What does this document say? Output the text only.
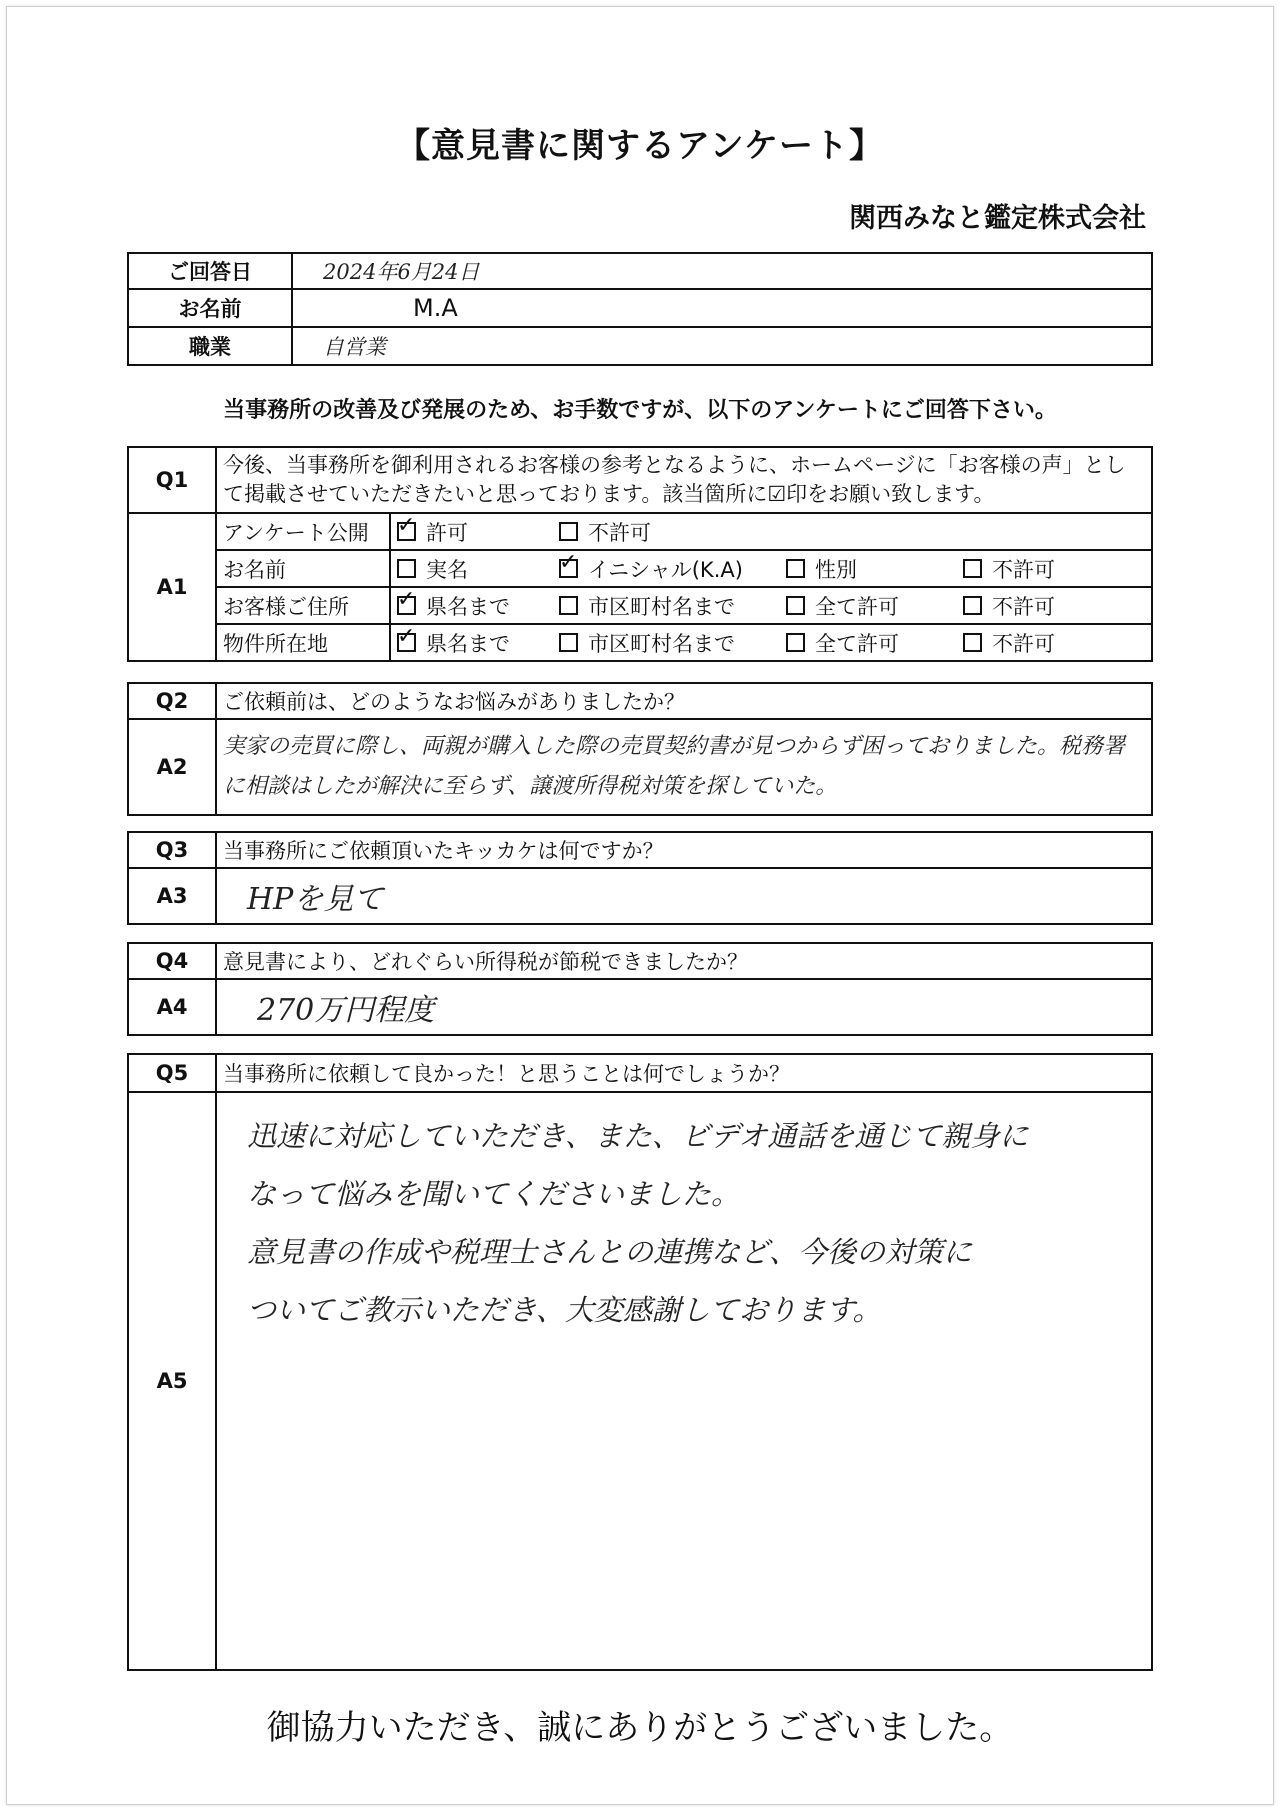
【意見書に関するアンケート】
関西みなと鑑定株式会社
ご回答日	2024年6月24日
お名前	M.A
職業	自営業
当事務所の改善及び発展のため、お手数ですが、以下のアンケートにご回答下さい。
Q1	今後、当事務所を御利用されるお客様の参考となるように、ホームページに「お客様の声」として掲載させていただきたいと思っております。該当箇所に☑印をお願い致します。				
A1	アンケート公開	✓ 許可	不許可		
	お名前	実名	✓ イニシャル(K.A)	性別	不許可
	お客様ご住所	✓ 県名まで	市区町村名まで	全て許可	不許可
	物件所在地	✓ 県名まで	市区町村名まで	全て許可	不許可
Q2	ご依頼前は、どのようなお悩みがありましたか？
A2	実家の売買に際し、両親が購入した際の売買契約書が見つからず困っておりました。税務署に相談はしたが解決に至らず、譲渡所得税対策を探していた。
Q3	当事務所にご依頼頂いたキッカケは何ですか？
A3	HPを見て
Q4	意見書により、どれぐらい所得税が節税できましたか？
A4	270万円程度
Q5	当事務所に依頼して良かった！と思うことは何でしょうか？
A5	迅速に対応していただき、また、ビデオ通話を通じて親身に
なって悩みを聞いてくださいました。
意見書の作成や税理士さんとの連携など、今後の対策に
ついてご教示いただき、大変感謝しております。
御協力いただき、誠にありがとうございました。
